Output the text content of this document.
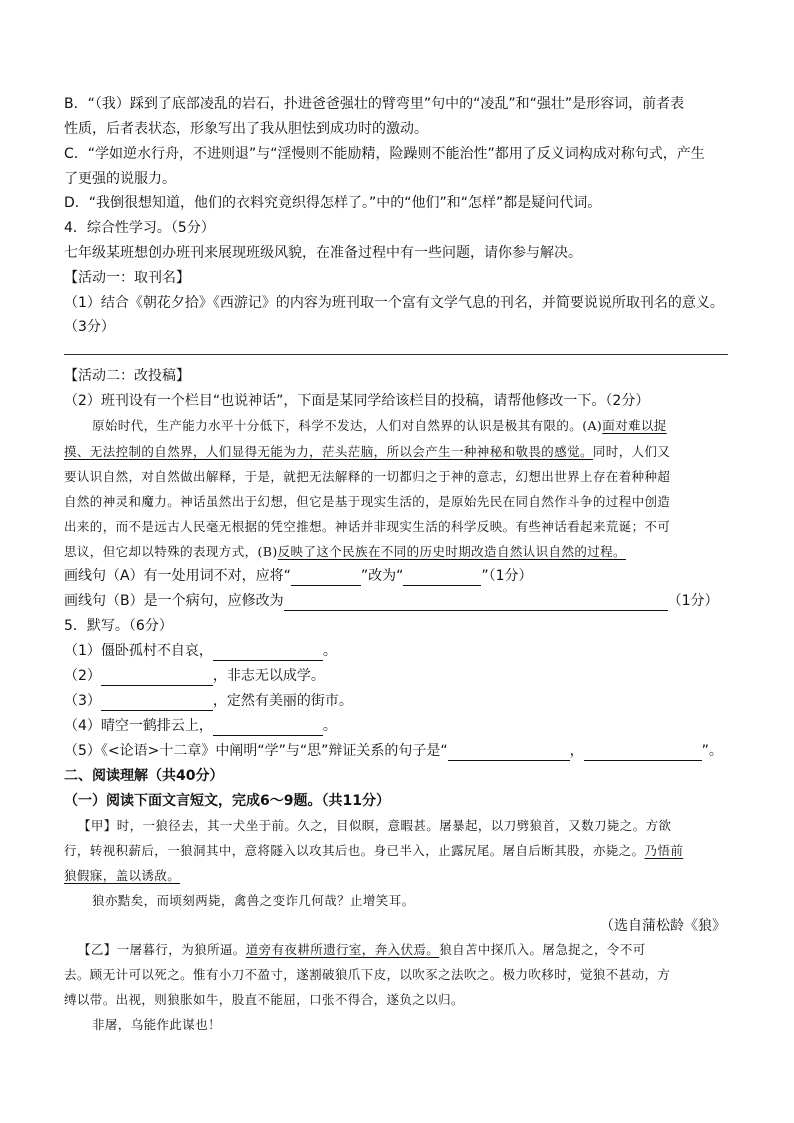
B．“（我）踩到了底部凌乱的岩石，扑进爸爸强壮的臂弯里”句中的“凌乱”和“强壮”是形容词，前者表
性质，后者表状态，形象写出了我从胆怯到成功时的激动。
C．“学如逆水行舟，不进则退”与“淫慢则不能励精，险躁则不能治性”都用了反义词构成对称句式，产生
了更强的说服力。
D．“我倒很想知道，他们的衣料究竟织得怎样了。”中的“他们”和“怎样”都是疑问代词。
4．综合性学习。（5分）
七年级某班想创办班刊来展现班级风貌，在准备过程中有一些问题，请你参与解决。
【活动一：取刊名】
（1）结合《朝花夕拾》《西游记》的内容为班刊取一个富有文学气息的刊名，并简要说说所取刊名的意义。
（3分）
【活动二：改投稿】
（2）班刊设有一个栏目“也说神话”，下面是某同学给该栏目的投稿，请帮他修改一下。（2分）
原始时代，生产能力水平十分低下，科学不发达，人们对自然界的认识是极其有限的。(A)面对难以捉
摸、无法控制的自然界，人们显得无能为力，茫头茫脑，所以会产生一种神秘和敬畏的感觉。同时，人们又
要认识自然，对自然做出解释，于是，就把无法解释的一切都归之于神的意志，幻想出世界上存在着种种超
自然的神灵和魔力。神话虽然出于幻想，但它是基于现实生活的，是原始先民在同自然作斗争的过程中创造
出来的，而不是远古人民毫无根据的凭空推想。神话并非现实生活的科学反映。有些神话看起来荒诞；不可
思议，但它却以特殊的表现方式，(B)反映了这个民族在不同的历史时期改造自然认识自然的过程。
画线句（A）有一处用词不对，应将“	”改为“	”（1分）
画线句（B）是一个病句，应修改为	（1分）
5．默写。（6分）
（1）僵卧孤村不自哀，	。
（2）	，非志无以成学。
（3）	，定然有美丽的街市。
（4）晴空一鹤排云上，	。
（5）《<论语>十二章》中阐明“学”与“思”辩证关系的句子是“	，	”。
二、阅读理解（共40分）
（一）阅读下面文言短文，完成6～9题。（共11分）
【甲】时，一狼径去，其一犬坐于前。久之，目似瞑，意暇甚。屠暴起，以刀劈狼首，又数刀毙之。方欲
行，转视积薪后，一狼洞其中，意将隧入以攻其后也。身已半入，止露尻尾。屠自后断其股，亦毙之。乃悟前
狼假寐，盖以诱敌。
狼亦黠矣，而顷刻两毙，禽兽之变诈几何哉？止增笑耳。
（选自蒲松龄《狼》
【乙】一屠暮行，为狼所逼。道旁有夜耕所遗行室，奔入伏焉。狼自苫中探爪入。屠急捉之，令不可
去。顾无计可以死之。惟有小刀不盈寸，遂割破狼爪下皮，以吹豕之法吹之。极力吹移时，觉狼不甚动，方
缚以带。出视，则狼胀如牛，股直不能屈，口张不得合，遂负之以归。
非屠，乌能作此谋也！
